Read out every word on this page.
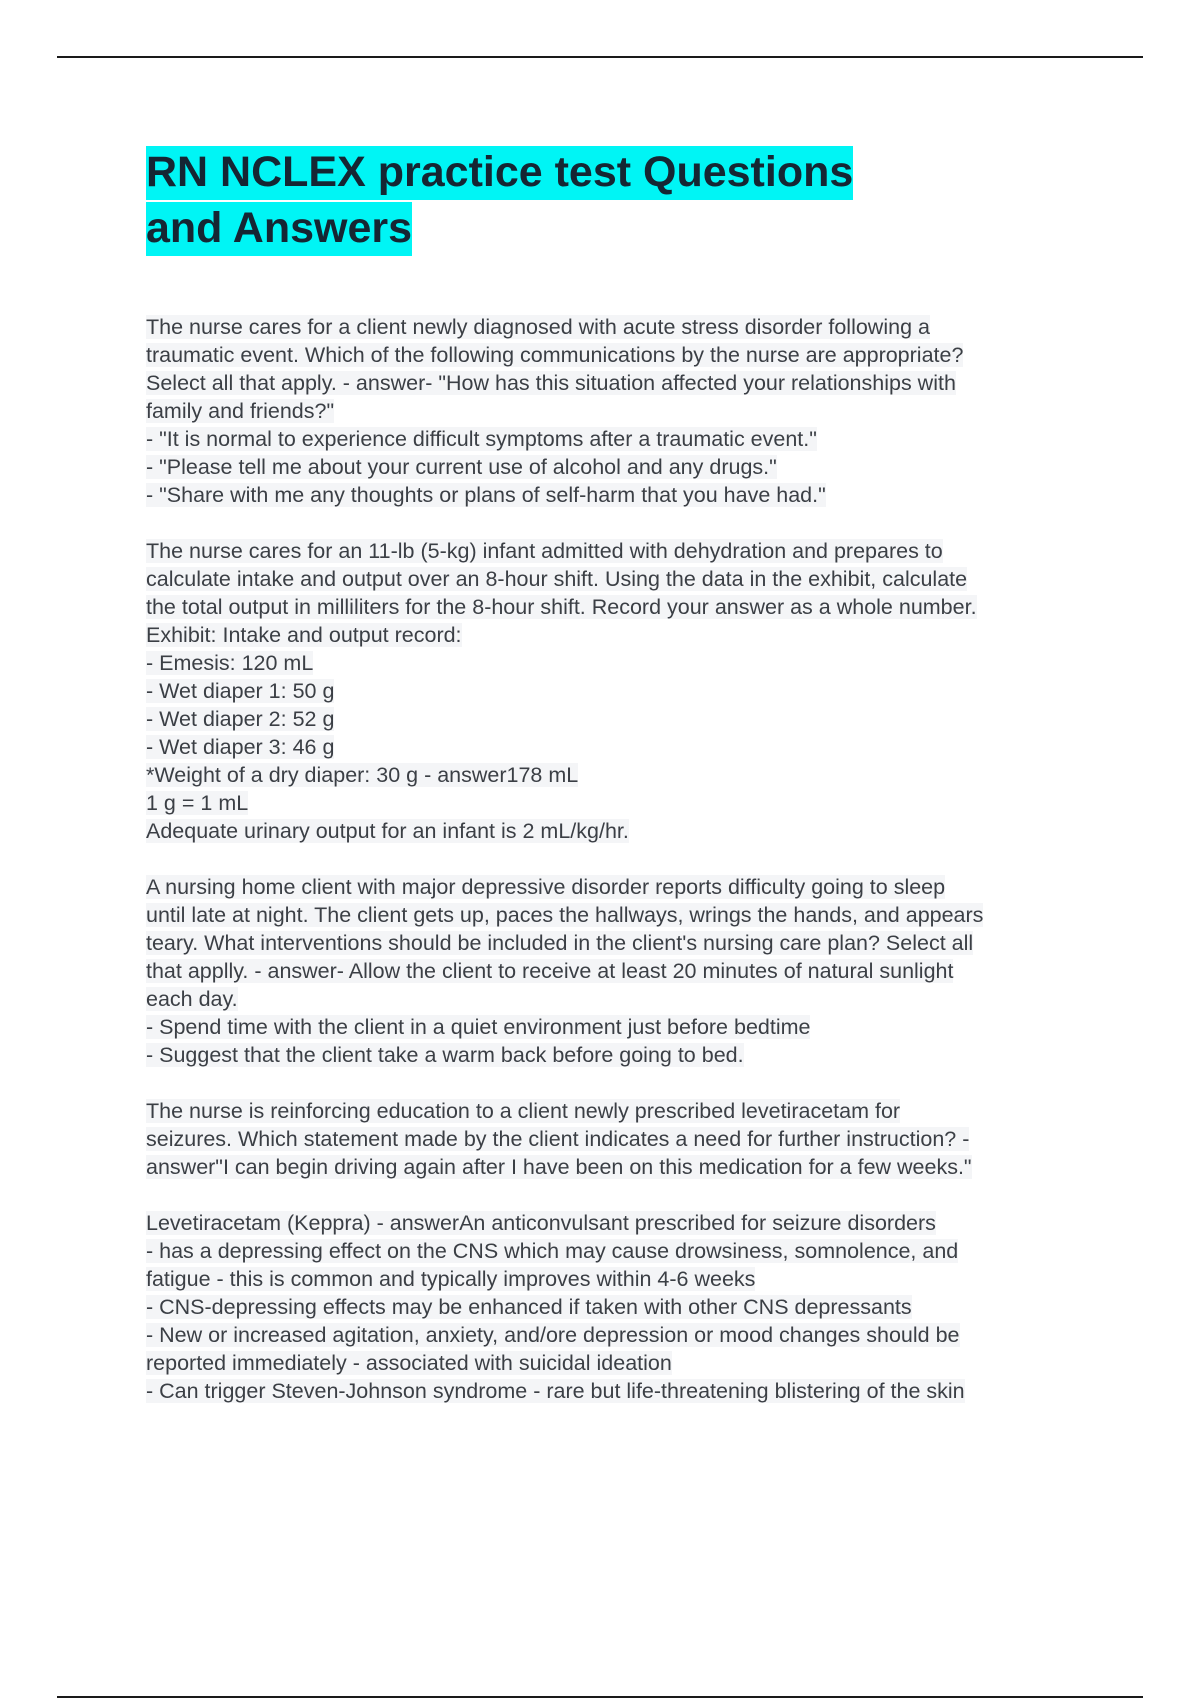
RN NCLEX practice test Questions
and Answers
The nurse cares for a client newly diagnosed with acute stress disorder following a
traumatic event. Which of the following communications by the nurse are appropriate?
Select all that apply. - answer- "How has this situation affected your relationships with
family and friends?"
- "It is normal to experience difficult symptoms after a traumatic event."
- "Please tell me about your current use of alcohol and any drugs."
- "Share with me any thoughts or plans of self-harm that you have had."
The nurse cares for an 11-lb (5-kg) infant admitted with dehydration and prepares to
calculate intake and output over an 8-hour shift. Using the data in the exhibit, calculate
the total output in milliliters for the 8-hour shift. Record your answer as a whole number.
Exhibit: Intake and output record:
- Emesis: 120 mL
- Wet diaper 1: 50 g
- Wet diaper 2: 52 g
- Wet diaper 3: 46 g
*Weight of a dry diaper: 30 g - answer178 mL
1 g = 1 mL
Adequate urinary output for an infant is 2 mL/kg/hr.
A nursing home client with major depressive disorder reports difficulty going to sleep
until late at night. The client gets up, paces the hallways, wrings the hands, and appears
teary. What interventions should be included in the client's nursing care plan? Select all
that applly. - answer- Allow the client to receive at least 20 minutes of natural sunlight
each day.
- Spend time with the client in a quiet environment just before bedtime
- Suggest that the client take a warm back before going to bed.
The nurse is reinforcing education to a client newly prescribed levetiracetam for
seizures. Which statement made by the client indicates a need for further instruction? -
answer"I can begin driving again after I have been on this medication for a few weeks."
Levetiracetam (Keppra) - answerAn anticonvulsant prescribed for seizure disorders
- has a depressing effect on the CNS which may cause drowsiness, somnolence, and
fatigue - this is common and typically improves within 4-6 weeks
- CNS-depressing effects may be enhanced if taken with other CNS depressants
- New or increased agitation, anxiety, and/ore depression or mood changes should be
reported immediately - associated with suicidal ideation
- Can trigger Steven-Johnson syndrome - rare but life-threatening blistering of the skin
